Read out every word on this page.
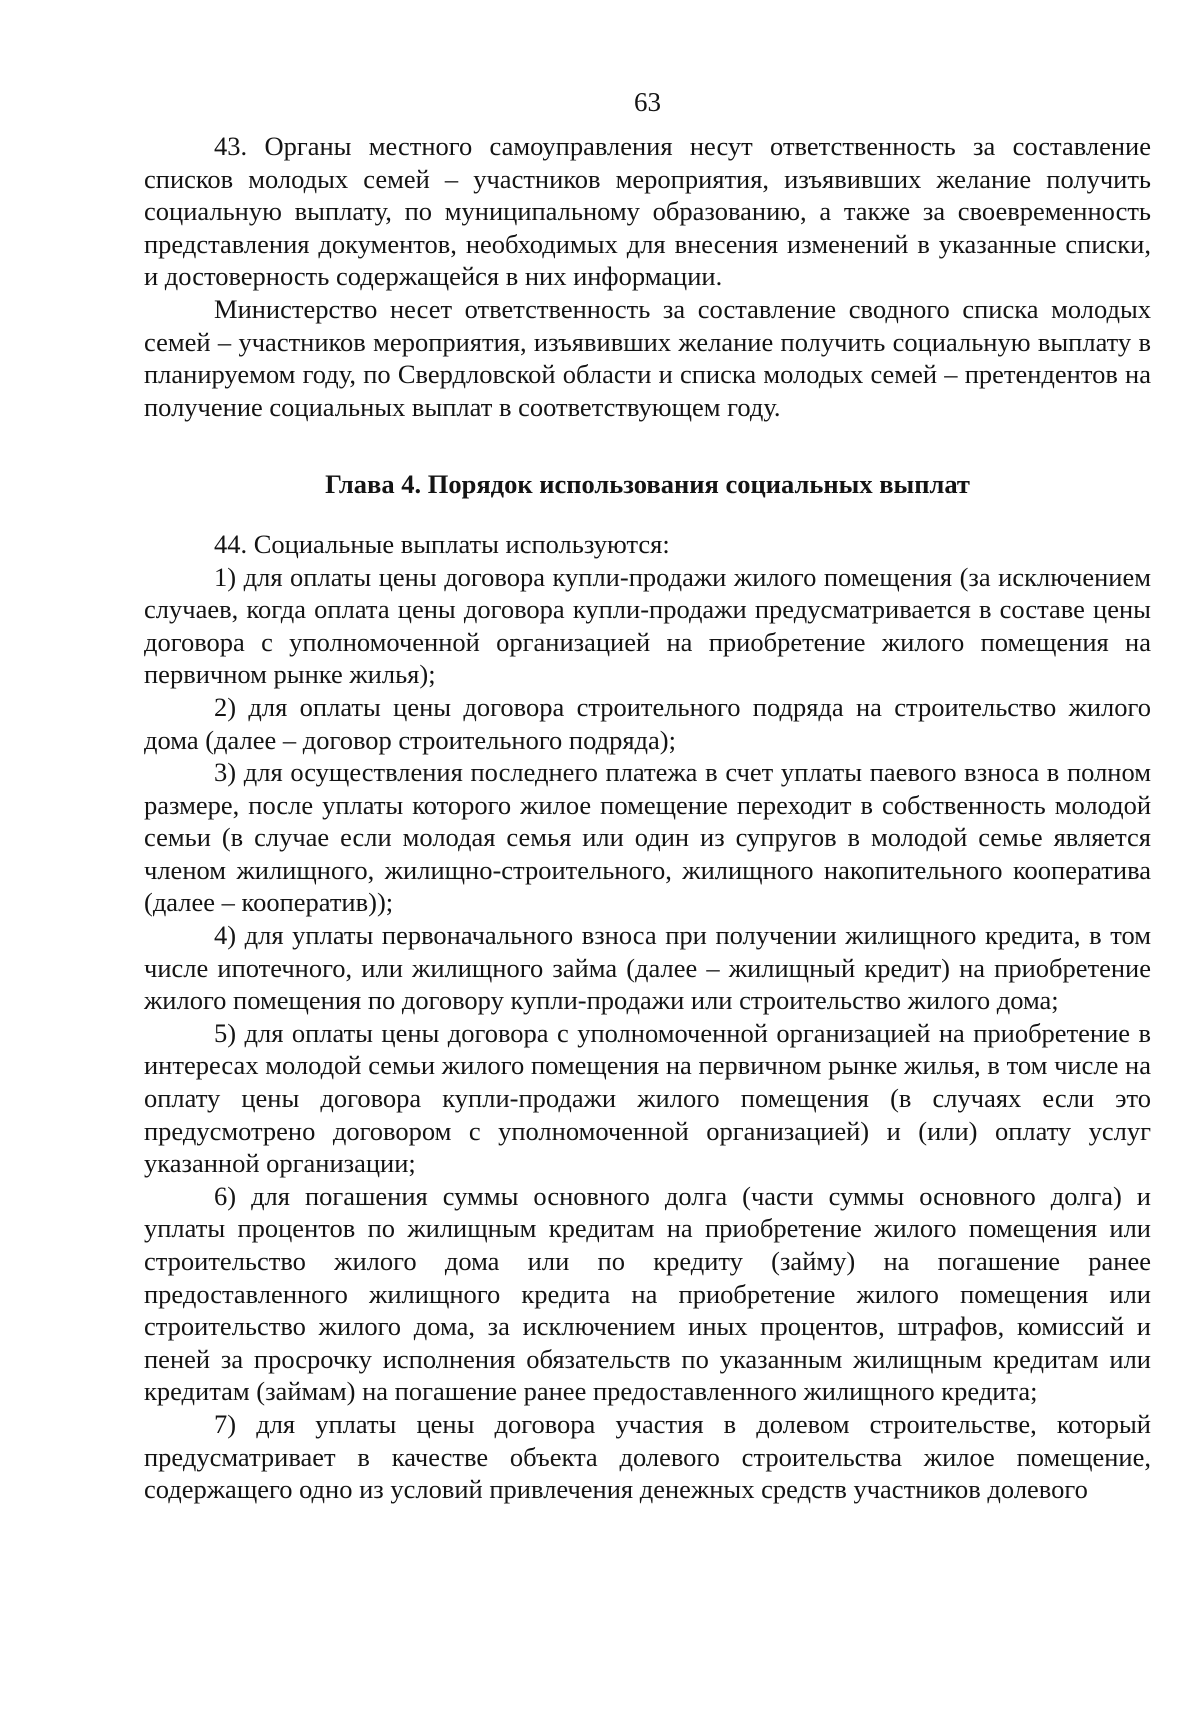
63

43. Органы местного самоуправления несут ответственность за составление списков молодых семей – участников мероприятия, изъявивших желание получить социальную выплату, по муниципальному образованию, а также за своевременность представления документов, необходимых для внесения изменений в указанные списки, и достоверность содержащейся в них информации.

Министерство несет ответственность за составление сводного списка молодых семей – участников мероприятия, изъявивших желание получить социальную выплату в планируемом году, по Свердловской области и списка молодых семей – претендентов на получение социальных выплат в соответствующем году.

Глава 4. Порядок использования социальных выплат

44. Социальные выплаты используются:

1) для оплаты цены договора купли-продажи жилого помещения (за исключением случаев, когда оплата цены договора купли-продажи предусматривается в составе цены договора с уполномоченной организацией на приобретение жилого помещения на первичном рынке жилья);

2) для оплаты цены договора строительного подряда на строительство жилого дома (далее – договор строительного подряда);

3) для осуществления последнего платежа в счет уплаты паевого взноса в полном размере, после уплаты которого жилое помещение переходит в собственность молодой семьи (в случае если молодая семья или один из супругов в молодой семье является членом жилищного, жилищно-строительного, жилищного накопительного кооператива (далее – кооператив));

4) для уплаты первоначального взноса при получении жилищного кредита, в том числе ипотечного, или жилищного займа (далее – жилищный кредит) на приобретение жилого помещения по договору купли-продажи или строительство жилого дома;

5) для оплаты цены договора с уполномоченной организацией на приобретение в интересах молодой семьи жилого помещения на первичном рынке жилья, в том числе на оплату цены договора купли-продажи жилого помещения (в случаях если это предусмотрено договором с уполномоченной организацией) и (или) оплату услуг указанной организации;

6) для погашения суммы основного долга (части суммы основного долга) и уплаты процентов по жилищным кредитам на приобретение жилого помещения или строительство жилого дома или по кредиту (займу) на погашение ранее предоставленного жилищного кредита на приобретение жилого помещения или строительство жилого дома, за исключением иных процентов, штрафов, комиссий и пеней за просрочку исполнения обязательств по указанным жилищным кредитам или кредитам (займам) на погашение ранее предоставленного жилищного кредита;

7) для уплаты цены договора участия в долевом строительстве, который предусматривает в качестве объекта долевого строительства жилое помещение, содержащего одно из условий привлечения денежных средств участников долевого
